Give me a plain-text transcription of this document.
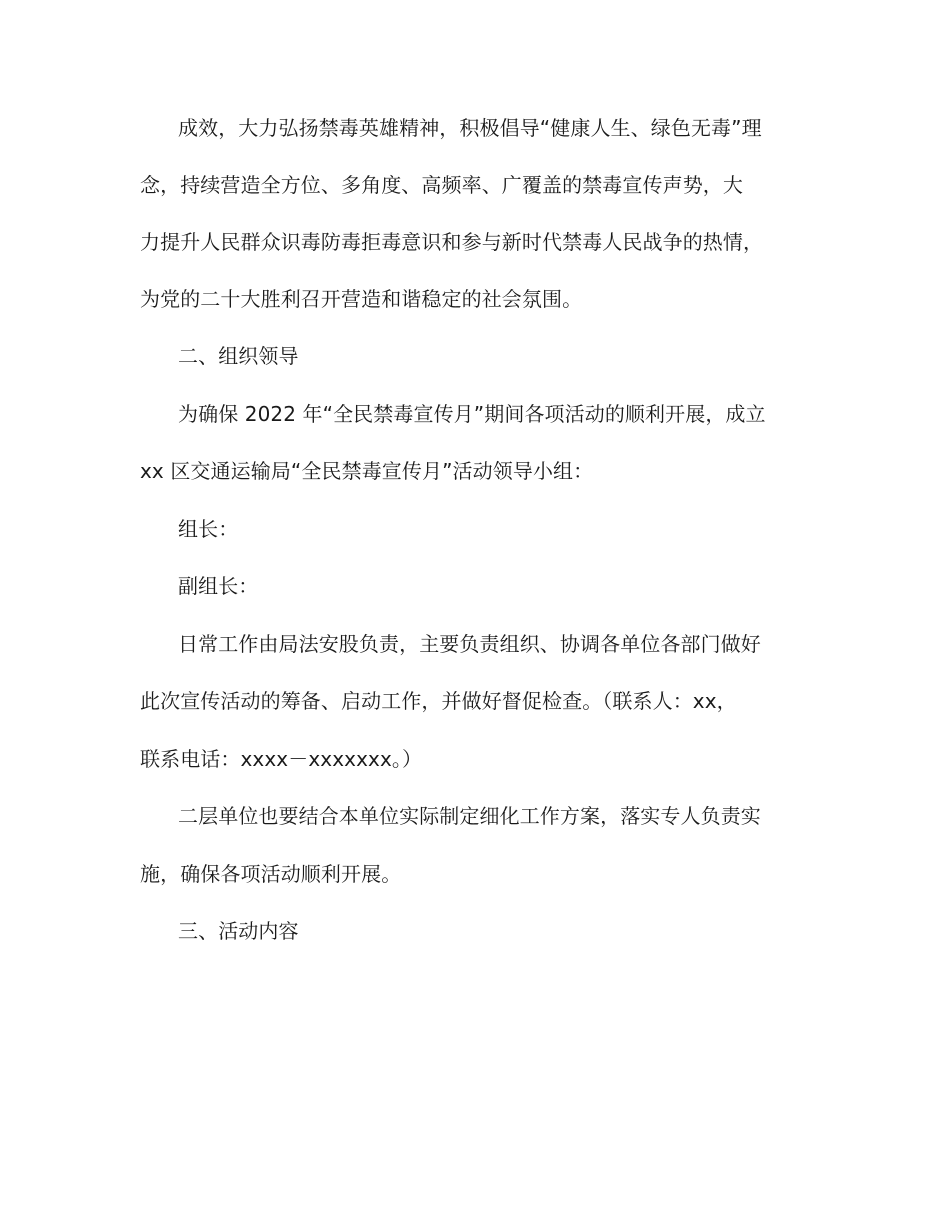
成效，大力弘扬禁毒英雄精神，积极倡导“健康人生、绿色无毒”理
念，持续营造全方位、多角度、高频率、广覆盖的禁毒宣传声势，大
力提升人民群众识毒防毒拒毒意识和参与新时代禁毒人民战争的热情，
为党的二十大胜利召开营造和谐稳定的社会氛围。
二、组织领导
为确保 2022 年“全民禁毒宣传月”期间各项活动的顺利开展，成立
xx 区交通运输局“全民禁毒宣传月”活动领导小组：
组长：
副组长：
日常工作由局法安股负责，主要负责组织、协调各单位各部门做好
此次宣传活动的筹备、启动工作，并做好督促检查。（联系人：xx，
联系电话：xxxx－xxxxxxx。）
二层单位也要结合本单位实际制定细化工作方案，落实专人负责实
施，确保各项活动顺利开展。
三、活动内容
